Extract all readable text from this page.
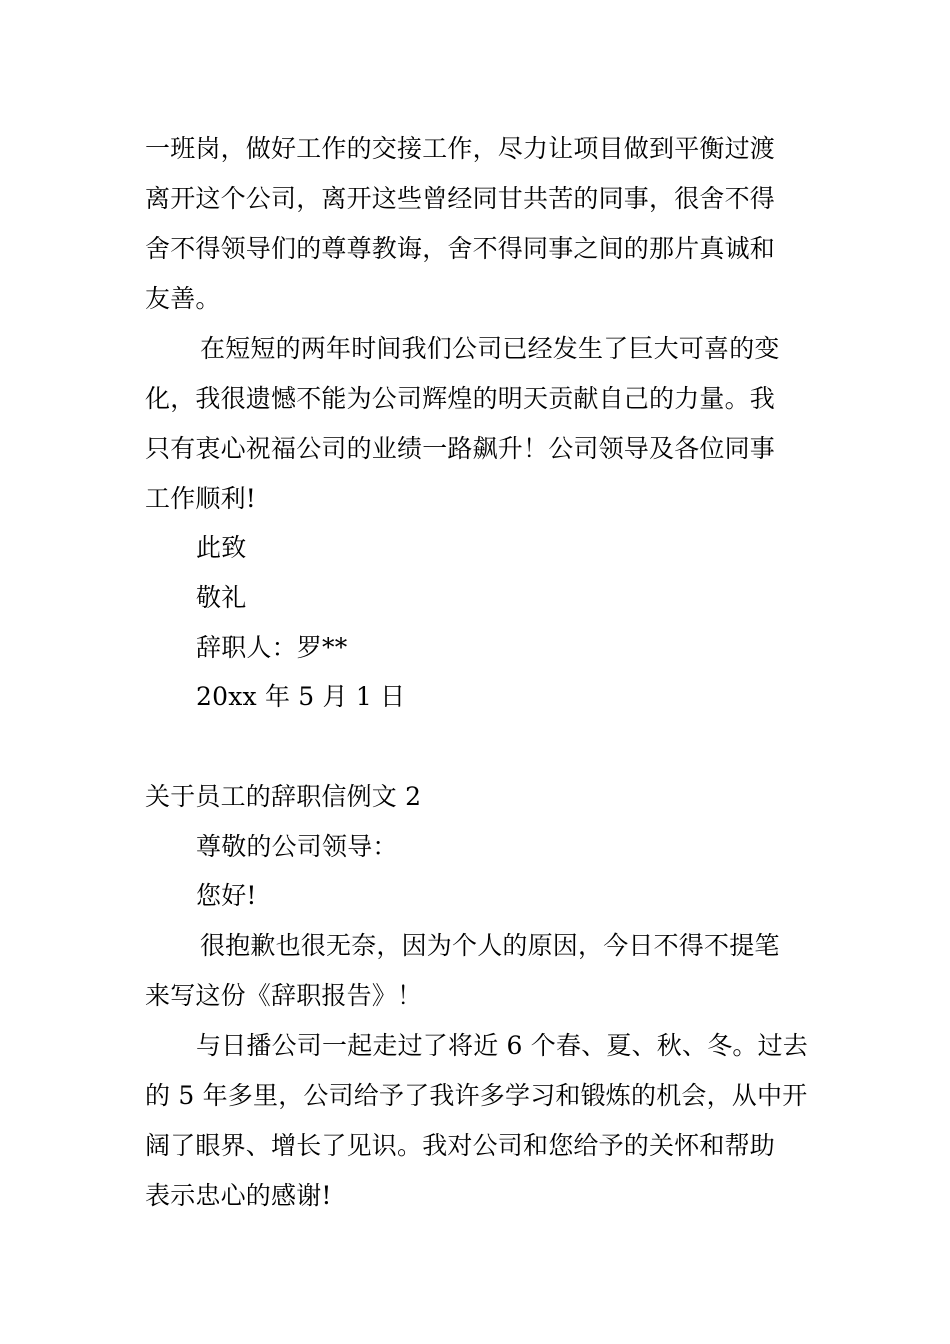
一班岗，做好工作的交接工作，尽力让项目做到平衡过渡
离开这个公司，离开这些曾经同甘共苦的同事，很舍不得
舍不得领导们的尊尊教诲，舍不得同事之间的那片真诚和
友善。
在短短的两年时间我们公司已经发生了巨大可喜的变
化，我很遗憾不能为公司辉煌的明天贡献自己的力量。我
只有衷心祝福公司的业绩一路飙升！公司领导及各位同事
工作顺利!
此致
敬礼
辞职人：罗**
20xx 年 5 月 1 日
关于员工的辞职信例文 2
尊敬的公司领导：
您好!
很抱歉也很无奈，因为个人的原因，今日不得不提笔
来写这份《辞职报告》！
与日播公司一起走过了将近 6 个春、夏、秋、冬。过去
的 5 年多里，公司给予了我许多学习和锻炼的机会，从中开
阔了眼界、增长了见识。我对公司和您给予的关怀和帮助
表示忠心的感谢!
